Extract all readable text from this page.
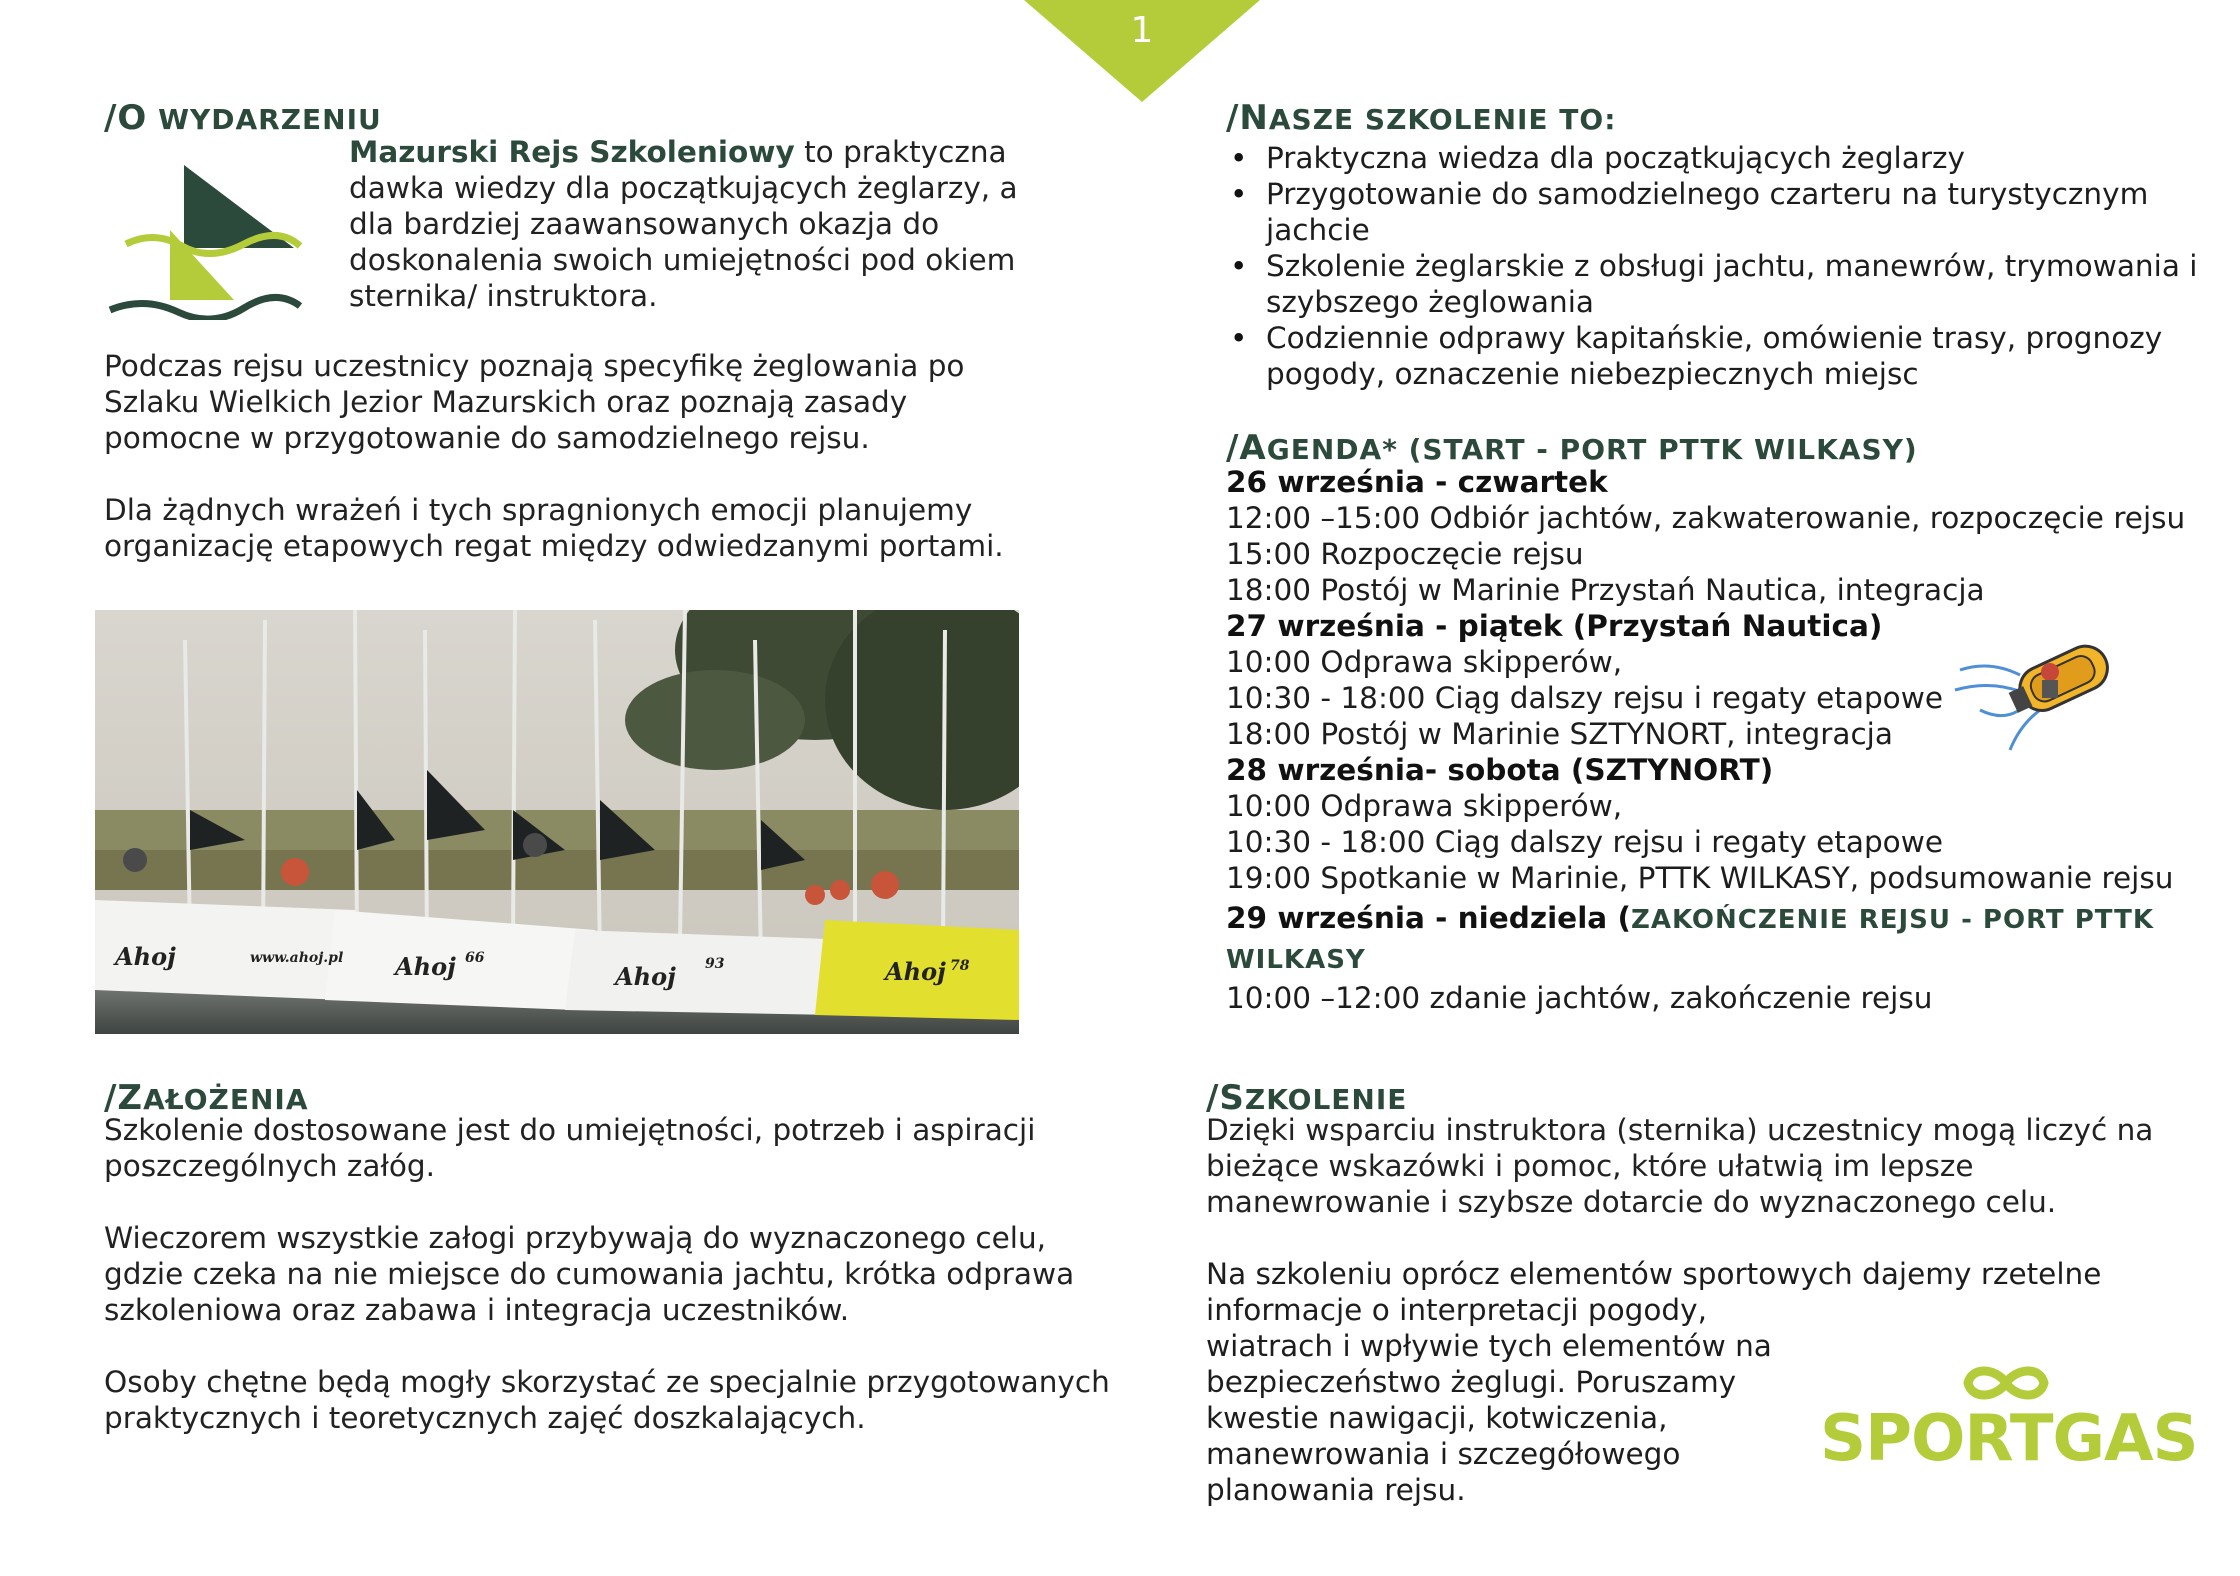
1
/O WYDARZENIU
Mazurski Rejs Szkoleniowy to praktyczna dawka wiedzy dla początkujących żeglarzy, a dla bardziej zaawansowanych okazja do doskonalenia swoich umiejętności pod okiem sternika/ instruktora.
Podczas rejsu uczestnicy poznają specyfikę żeglowania po Szlaku Wielkich Jezior Mazurskich oraz poznają zasady pomocne w przygotowanie do samodzielnego rejsu.
Dla żądnych wrażeń i tych spragnionych emocji planujemy organizację etapowych regat między odwiedzanymi portami.
Ahoj	www.ahoj.pl Ahoj 66
Ahoj 93	Ahoj 78
/ZAŁOŻENIA
Szkolenie dostosowane jest do umiejętności, potrzeb i aspiracji poszczególnych załóg.
Wieczorem wszystkie załogi przybywają do wyznaczonego celu, gdzie czeka na nie miejsce do cumowania jachtu, krótka odprawa szkoleniowa oraz zabawa i integracja uczestników.
Osoby chętne będą mogły skorzystać ze specjalnie przygotowanych praktycznych i teoretycznych zajęć doszkalających.
/NASZE SZKOLENIE TO:
• Praktyczna wiedza dla początkujących żeglarzy
• Przygotowanie do samodzielnego czarteru na turystycznym jachcie
• Szkolenie żeglarskie z obsługi jachtu, manewrów, trymowania i szybszego żeglowania
• Codziennie odprawy kapitańskie, omówienie trasy, prognozy pogody, oznaczenie niebezpiecznych miejsc
/AGENDA* (START - PORT PTTK WILKASY)
26 września - czwartek
12:00 –15:00 Odbiór jachtów, zakwaterowanie, rozpoczęcie rejsu
15:00 Rozpoczęcie rejsu
18:00 Postój w Marinie Przystań Nautica, integracja
27 września - piątek (Przystań Nautica)
10:00 Odprawa skipperów,
10:30 - 18:00 Ciąg dalszy rejsu i regaty etapowe
18:00 Postój w Marinie SZTYNORT, integracja
28 września- sobota (SZTYNORT)
10:00 Odprawa skipperów,
10:30 - 18:00 Ciąg dalszy rejsu i regaty etapowe
19:00 Spotkanie w Marinie, PTTK WILKASY, podsumowanie rejsu
29 września - niedziela (ZAKOŃCZENIE REJSU - PORT PTTK
WILKASY
10:00 –12:00 zdanie jachtów, zakończenie rejsu
/SZKOLENIE
Dzięki wsparciu instruktora (sternika) uczestnicy mogą liczyć na bieżące wskazówki i pomoc, które ułatwią im lepsze manewrowanie i szybsze dotarcie do wyznaczonego celu.
Na szkoleniu oprócz elementów sportowych dajemy rzetelne
informacje o interpretacji pogody,
wiatrach i wpływie tych elementów na
bezpieczeństwo żeglugi. Poruszamy
kwestie nawigacji, kotwiczenia,
manewrowania i szczegółowego
planowania rejsu.
SPORTGAS
